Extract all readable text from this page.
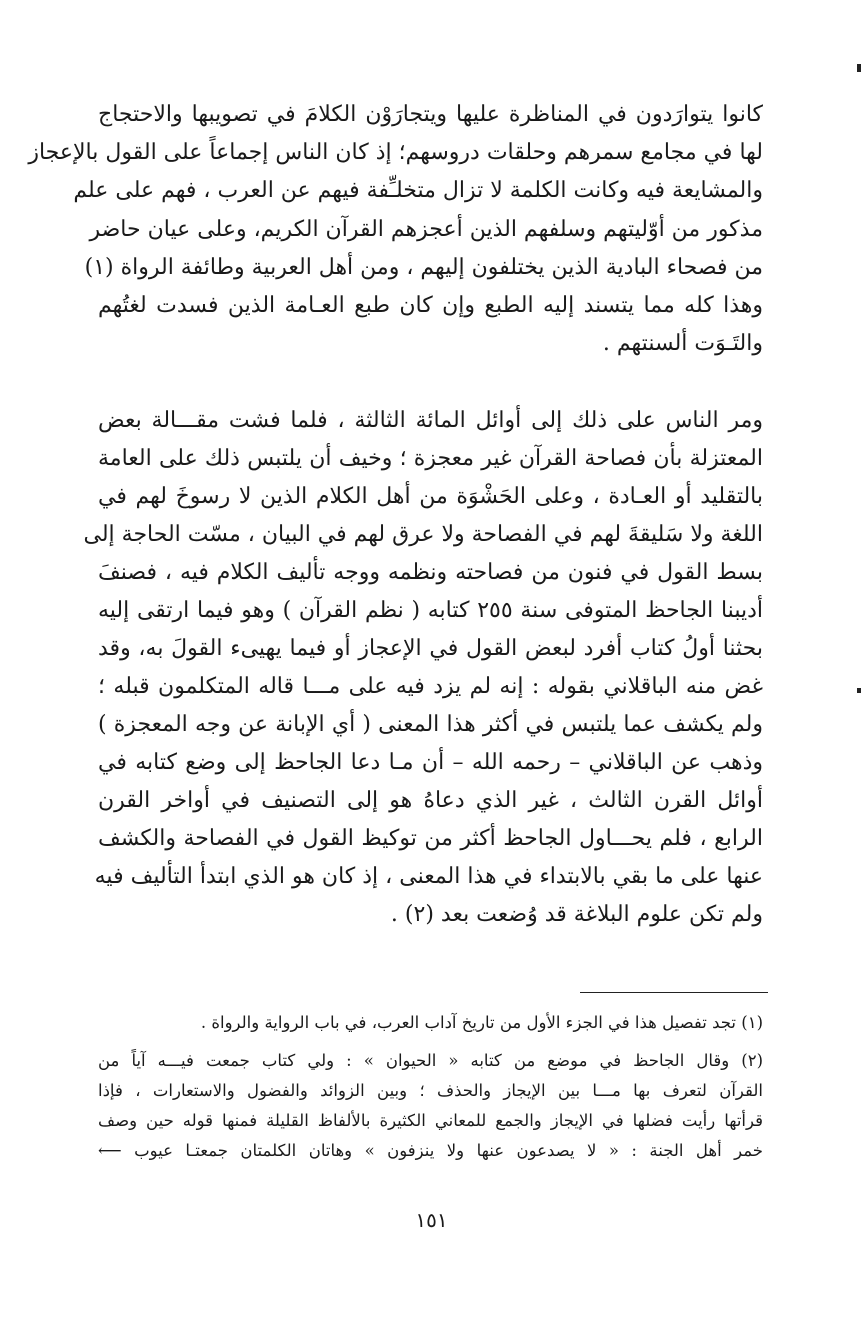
كانوا يتوارَدون في المناظرة عليها ويتجارَوْن الكلامَ في تصويبها والاحتجاج
لها في مجامع سمرهم وحلقات دروسهم؛ إذ كان الناس إجماعاً على القول بالإعجاز
والمشايعة فيه وكانت الكلمة لا تزال متخلـِّفة فيهم عن العرب ، فهم على علم
مذكور من أوّليتهم وسلفهم الذين أعجزهم القرآن الكريم، وعلى عيان حاضر
من فصحاء البادية الذين يختلفون إليهم ، ومن أهل العربية وطائفة الرواة (١)
وهذا كله مما يتسند إليه الطبع وإن كان طبع العـامة الذين فسدت لغتُهم
والتَـوَت ألسنتهم .
ومر الناس على ذلك إلى أوائل المائة الثالثة ، فلما فشت مقـــالة بعض
المعتزلة بأن فصاحة القرآن غير معجزة ؛ وخيف أن يلتبس ذلك على العامة
بالتقليد أو العـادة ، وعلى الحَشْوَة من أهل الكلام الذين لا رسوخَ لهم في
اللغة ولا سَليقةَ لهم في الفصاحة ولا عرق لهم في البيان ، مسّت الحاجة إلى
بسط القول في فنون من فصاحته ونظمه ووجه تأليف الكلام فيه ، فصنفَ
أديبنا الجاحظ المتوفى سنة ٢٥٥ كتابه ( نظم القرآن ) وهو فيما ارتقى إليه
بحثنا أولُ كتاب أفرد لبعض القول في الإعجاز أو فيما يهيىء القولَ به، وقد
غض منه الباقلاني بقوله : إنه لم يزد فيه على مـــا قاله المتكلمون قبله ؛
ولم يكشف عما يلتبس في أكثر هذا المعنى ( أي الإبانة عن وجه المعجزة )
وذهب عن الباقلاني – رحمه الله – أن مـا دعا الجاحظ إلى وضع كتابه في
أوائل القرن الثالث ، غير الذي دعاهُ هو إلى التصنيف في أواخر القرن
الرابع ، فلم يحـــاول الجاحظ أكثر من توكيظ القول في الفصاحة والكشف
عنها على ما بقي بالابتداء في هذا المعنى ، إذ كان هو الذي ابتدأ التأليف فيه
ولم تكن علوم البلاغة قد وُضعت بعد (٢) .
(١) تجد تفصيل هذا في الجزء الأول من تاريخ آداب العرب، في باب الرواية والرواة .
(٢) وقال الجاحظ في موضع من كتابه « الحيوان » : ولي كتاب جمعت فيـــه آياً من
القرآن لتعرف بها مـــا بين الإيجاز والحذف ؛ وبين الزوائد والفضول والاستعارات ، فإذا
قرأتها رأيت فضلها في الإيجاز والجمع للمعاني الكثيرة بالألفاظ القليلة فمنها قوله حين وصف
خمر أهل الجنة : « لا يصدعون عنها ولا ينزفون » وهاتان الكلمتان جمعتـا عيوب ⟵
١٥١
